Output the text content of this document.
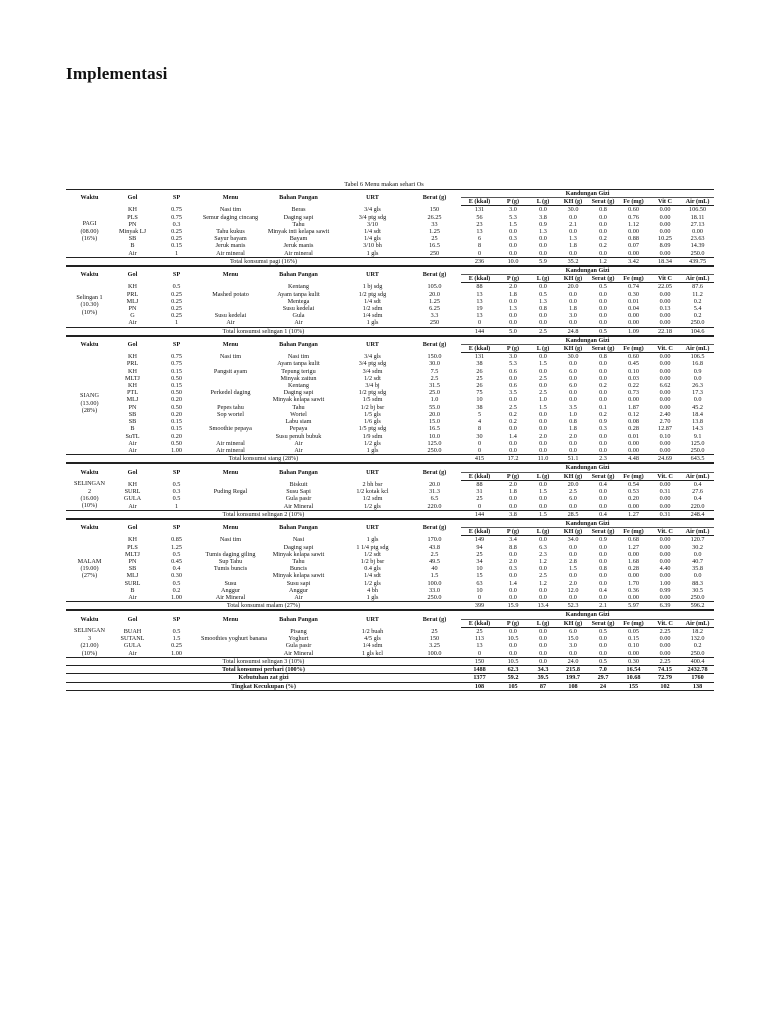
Implementasi
Tabel 6 Menu makan sehari Os
Waktu	Gol	SP	Menu	Bahan Pangan	URT	Berat (g)	Kandungan Gizi							
							E (kkal)	P (g)	L (g)	KH (g)	Serat (g)	Fe (mg)	Vit C	Air (mL)
PAGI
(08.00)
(16%)	KH	0.75	Nasi tim	Beras	3/4 gls	150	131	3.0	0.0	30.0	0.8	0.60	0.00	106.50
	PLS	0.75	Semur daging cincang	Daging sapi	3/4 ptg sdg	26.25	56	5.3	3.8	0.0	0.0	0.76	0.00	18.11
	PN	0.3		Tahu	3/10	33	23	1.5	0.9	2.1	0.0	1.12	0.00	27.13
	Minyak LJ	0.25	Tahu kukus	Minyak inti kelapa sawit	1/4 sdt	1.25	13	0.0	1.3	0.0	0.0	0.00	0.00	0.00
	SB	0.25	Sayur bayam	Bayam	1/4 gls	25	6	0.3	0.0	1.3	0.2	0.88	10.25	23.63
	B	0.15	Jeruk manis	Jeruk manis	3/10 bh	16.5	8	0.0	0.0	1.8	0.2	0.07	8.09	14.39
	Air	1	Air mineral	Air mineral	1 gls	250	0	0.0	0.0	0.0	0.0	0.00	0.00	250.0
Total konsumsi pagi (16%)							236	10.0	5.9	35.2	1.2	3.42	18.34	439.75
Waktu	Gol	SP	Menu	Bahan Pangan	URT	Berat (g)	Kandungan Gizi							
							E (kkal)	P (g)	L (g)	KH (g)	Serat (g)	Fe (mg)	Vit C	Air (mL)
Selingan 1
(10.30)
(10%)	KH	0.5		Kentang	1 bj sdg	105.0	88	2.0	0.0	20.0	0.5	0.74	22.05	87.6
	PRL	0.25	Mashed potato	Ayam tanpa kulit	1/2 ptg sdg	20.0	13	1.8	0.5	0.0	0.0	0.30	0.00	11.2
	MLJ	0.25		Mentega	1/4 sdt	1.25	13	0.0	1.3	0.0	0.0	0.01	0.00	0.2
	PN	0.25		Susu kedelai	1/2 sdm	6.25	19	1.3	0.8	1.8	0.0	0.04	0.13	5.4
	G	0.25	Susu kedelai	Gula	1/4 sdm	3.3	13	0.0	0.0	3.0	0.0	0.00	0.00	0.2
	Air	1	Air	Air	1 gls	250	0	0.0	0.0	0.0	0.0	0.00	0.00	250.0
Total konsumsi selingan 1 (10%)							144	5.0	2.5	24.8	0.5	1.09	22.18	104.6
Waktu	Gol	SP	Menu	Bahan Pangan	URT	Berat (g)	Kandungan Gizi							
							E (kkal)	P (g)	L (g)	KH (g)	Serat (g)	Fe (mg)	Vit. C	Air (mL)
SIANG
(13.00)
(28%)	KH	0.75	Nasi tim	Nasi tim	3/4 gls	150.0	131	3.0	0.0	30.0	0.8	0.60	0.00	106.5
	PRL	0.75		Ayam tanpa kulit	3/4 ptg sdg	30.0	38	5.3	1.5	0.0	0.0	0.45	0.00	16.8
	KH	0.15	Pangsit ayam	Tepung terigu	3/4 sdm	7.5	26	0.6	0.0	6.0	0.0	0.10	0.00	0.9
	MLTJ	0.50		Minyak zaitun	1/2 sdt	2.5	25	0.0	2.5	0.0	0.0	0.03	0.00	0.0
	KH	0.15		Kentang	3/4 bj	31.5	26	0.6	0.0	6.0	0.2	0.22	6.62	26.3
	PTL	0.50	Perkedel daging	Daging sapi	1/2 ptg sdg	25.0	75	3.5	2.5	0.0	0.0	0.73	0.00	17.3
	MLJ	0.20		Minyak kelapa sawit	1/5 sdm	1.0	10	0.0	1.0	0.0	0.0	0.00	0.00	0.0
	PN	0.50	Pepes tahu	Tahu	1/2 bj bsr	55.0	38	2.5	1.5	3.5	0.1	1.87	0.00	45.2
	SB	0.20	Sop wortel	Wortel	1/5 gls	20.0	5	0.2	0.0	1.0	0.2	0.12	2.40	18.4
	SB	0.15		Labu siam	1/6 gls	15.0	4	0.2	0.0	0.8	0.9	0.08	2.70	13.8
	B	0.15	Smoothie pepaya	Pepaya	1/5 ptg sdg	16.5	8	0.0	0.0	1.8	0.3	0.28	12.87	14.3
	SuTL	0.20		Susu penuh bubuk	1/9 sdm	10.0	30	1.4	2.0	2.0	0.0	0.01	0.10	9.1
	Air	0.50	Air mineral	Air	1/2 gls	125.0	0	0.0	0.0	0.0	0.0	0.00	0.00	125.0
	Air	1.00	Air mineral	Air	1 gls	250.0	0	0.0	0.0	0.0	0.0	0.00	0.00	250.0
Total konsumsi siang (28%)							415	17.2	11.0	51.1	2.3	4.48	24.69	643.5
Waktu	Gol	SP	Menu	Bahan Pangan	URT	Berat (g)	Kandungan Gizi							
							E (kkal)	P (g)	L (g)	KH (g)	Serat (g)	Fe (mg)	Vit. C	Air (mL)
SELINGAN
2
(16.00)
(10%)	KH	0.5		Biskuit	2 bh bsr	20.0	88	2.0	0.0	20.0	0.4	0.54	0.00	0.4
	SURL	0.3	Puding Regal	Susu Sapi	1/2 kotak kcl	31.3	31	1.8	1.5	2.5	0.0	0.53	0.31	27.6
	GULA	0.5		Gula pasir	1/2 sdm	6.5	25	0.0	0.0	6.0	0.0	0.20	0.00	0.4
	Air	1		Air Mineral	1/2 gls	220.0	0	0.0	0.0	0.0	0.0	0.00	0.00	220.0
Total konsumsi selingan 2 (10%)							144	3.8	1.5	28.5	0.4	1.27	0.31	248.4
Waktu	Gol	SP	Menu	Bahan Pangan	URT	Berat (g)	Kandungan Gizi							
							E (kkal)	P (g)	L (g)	KH (g)	Serat (g)	Fe (mg)	Vit. C	Air (mL)
MALAM
(19.00)
(27%)	KH	0.85	Nasi tim	Nasi	1 gls	170.0	149	3.4	0.0	34.0	0.9	0.68	0.00	120.7
	PLS	1.25		Daging sapi	1 1/4 ptg sdg	43.8	94	8.8	6.3	0.0	0.0	1.27	0.00	30.2
	MLTJ	0.5	Tumis daging giling	Minyak kelapa sawit	1/2 sdt	2.5	25	0.0	2.3	0.0	0.0	0.00	0.00	0.0
	PN	0.45	Sup Tahu	Tahu	1/2 bj bsr	49.5	34	2.0	1.2	2.8	0.0	1.68	0.00	40.7
	SB	0.4	Tumis buncis	Buncis	0.4 gls	40	10	0.3	0.0	1.5	0.8	0.28	4.40	35.8
	MLJ	0.30		Minyak kelapa sawit	1/4 sdt	1.5	15	0.0	2.5	0.0	0.0	0.00	0.00	0.0
	SURL	0.5	Susu	Susu sapi	1/2 gls	100.0	63	1.4	1.2	2.0	0.0	1.70	1.00	88.3
	B	0.2	Anggur	Anggur	4 bh	33.0	10	0.0	0.0	12.0	0.4	0.36	0.99	30.5
	Air	1.00	Air Mineral	Air	1 gls	250.0	0	0.0	0.0	0.0	0.0	0.00	0.00	250.0
Total konsumsi malam (27%)							399	15.9	13.4	52.3	2.1	5.97	6.39	596.2
Waktu	Gol	SP	Menu	Bahan Pangan	URT	Berat (g)	Kandungan Gizi							
							E (kkal)	P (g)	L (g)	KH (g)	Serat (g)	Fe (mg)	Vit. C	Air (mL)
SELINGAN
3
(21.00)
(10%)	BUAH	0.5		Pisang	1/2 buah	25	25	0.0	0.0	6.0	0.5	0.05	2.25	18.2
	SUTANL	1.5	Smoothies yoghurt banana	Yoghurt	4/5 gls	150	113	10.5	0.0	15.0	0.0	0.15	0.00	132.0
	GULA	0.25		Gula pasir	1/4 sdm	3.25	13	0.0	0.0	3.0	0.0	0.10	0.00	0.2
	Air	1.00		Air Mineral	1 gls kcl	100.0	0	0.0	0.0	0.0	0.0	0.00	0.00	250.0
Total konsumsi selingan 3 (10%)							150	10.5	0.0	24.0	0.5	0.30	2.25	400.4
Total konsumsi perhari (100%)							1488	62.3	34.3	215.8	7.0	16.54	74.15	2432.78
Kebutuhan zat gizi							1377	59.2	39.5	199.7	29.7	10.68	72.79	1760
Tingkat Kecukupan (%)							108	105	87	108	24	155	102	138
